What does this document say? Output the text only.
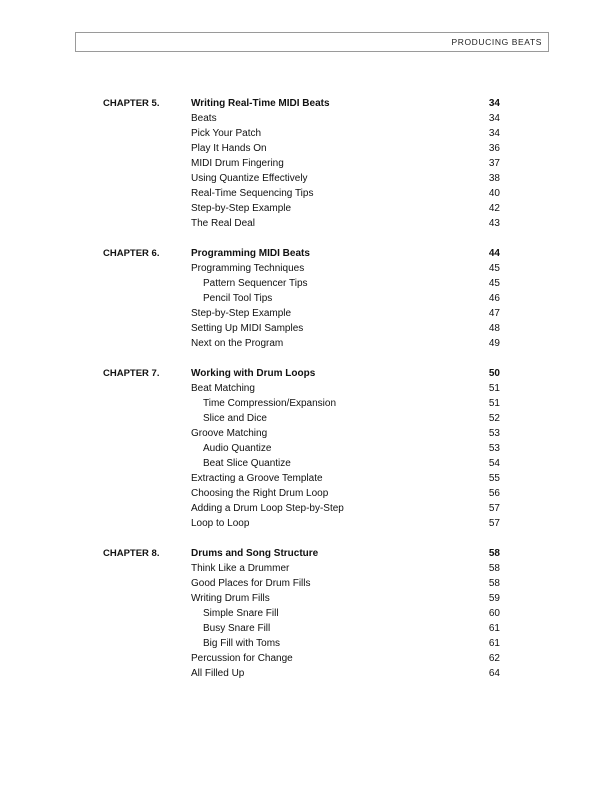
PRODUCING BEATS
CHAPTER 5.	Writing Real-Time MIDI Beats	34
Beats	34
Pick Your Patch	34
Play It Hands On	36
MIDI Drum Fingering	37
Using Quantize Effectively	38
Real-Time Sequencing Tips	40
Step-by-Step Example	42
The Real Deal	43
CHAPTER 6.	Programming MIDI Beats	44
Programming Techniques	45
Pattern Sequencer Tips	45
Pencil Tool Tips	46
Step-by-Step Example	47
Setting Up MIDI Samples	48
Next on the Program	49
CHAPTER 7.	Working with Drum Loops	50
Beat Matching	51
Time Compression/Expansion	51
Slice and Dice	52
Groove Matching	53
Audio Quantize	53
Beat Slice Quantize	54
Extracting a Groove Template	55
Choosing the Right Drum Loop	56
Adding a Drum Loop Step-by-Step	57
Loop to Loop	57
CHAPTER 8.	Drums and Song Structure	58
Think Like a Drummer	58
Good Places for Drum Fills	58
Writing Drum Fills	59
Simple Snare Fill	60
Busy Snare Fill	61
Big Fill with Toms	61
Percussion for Change	62
All Filled Up	64
